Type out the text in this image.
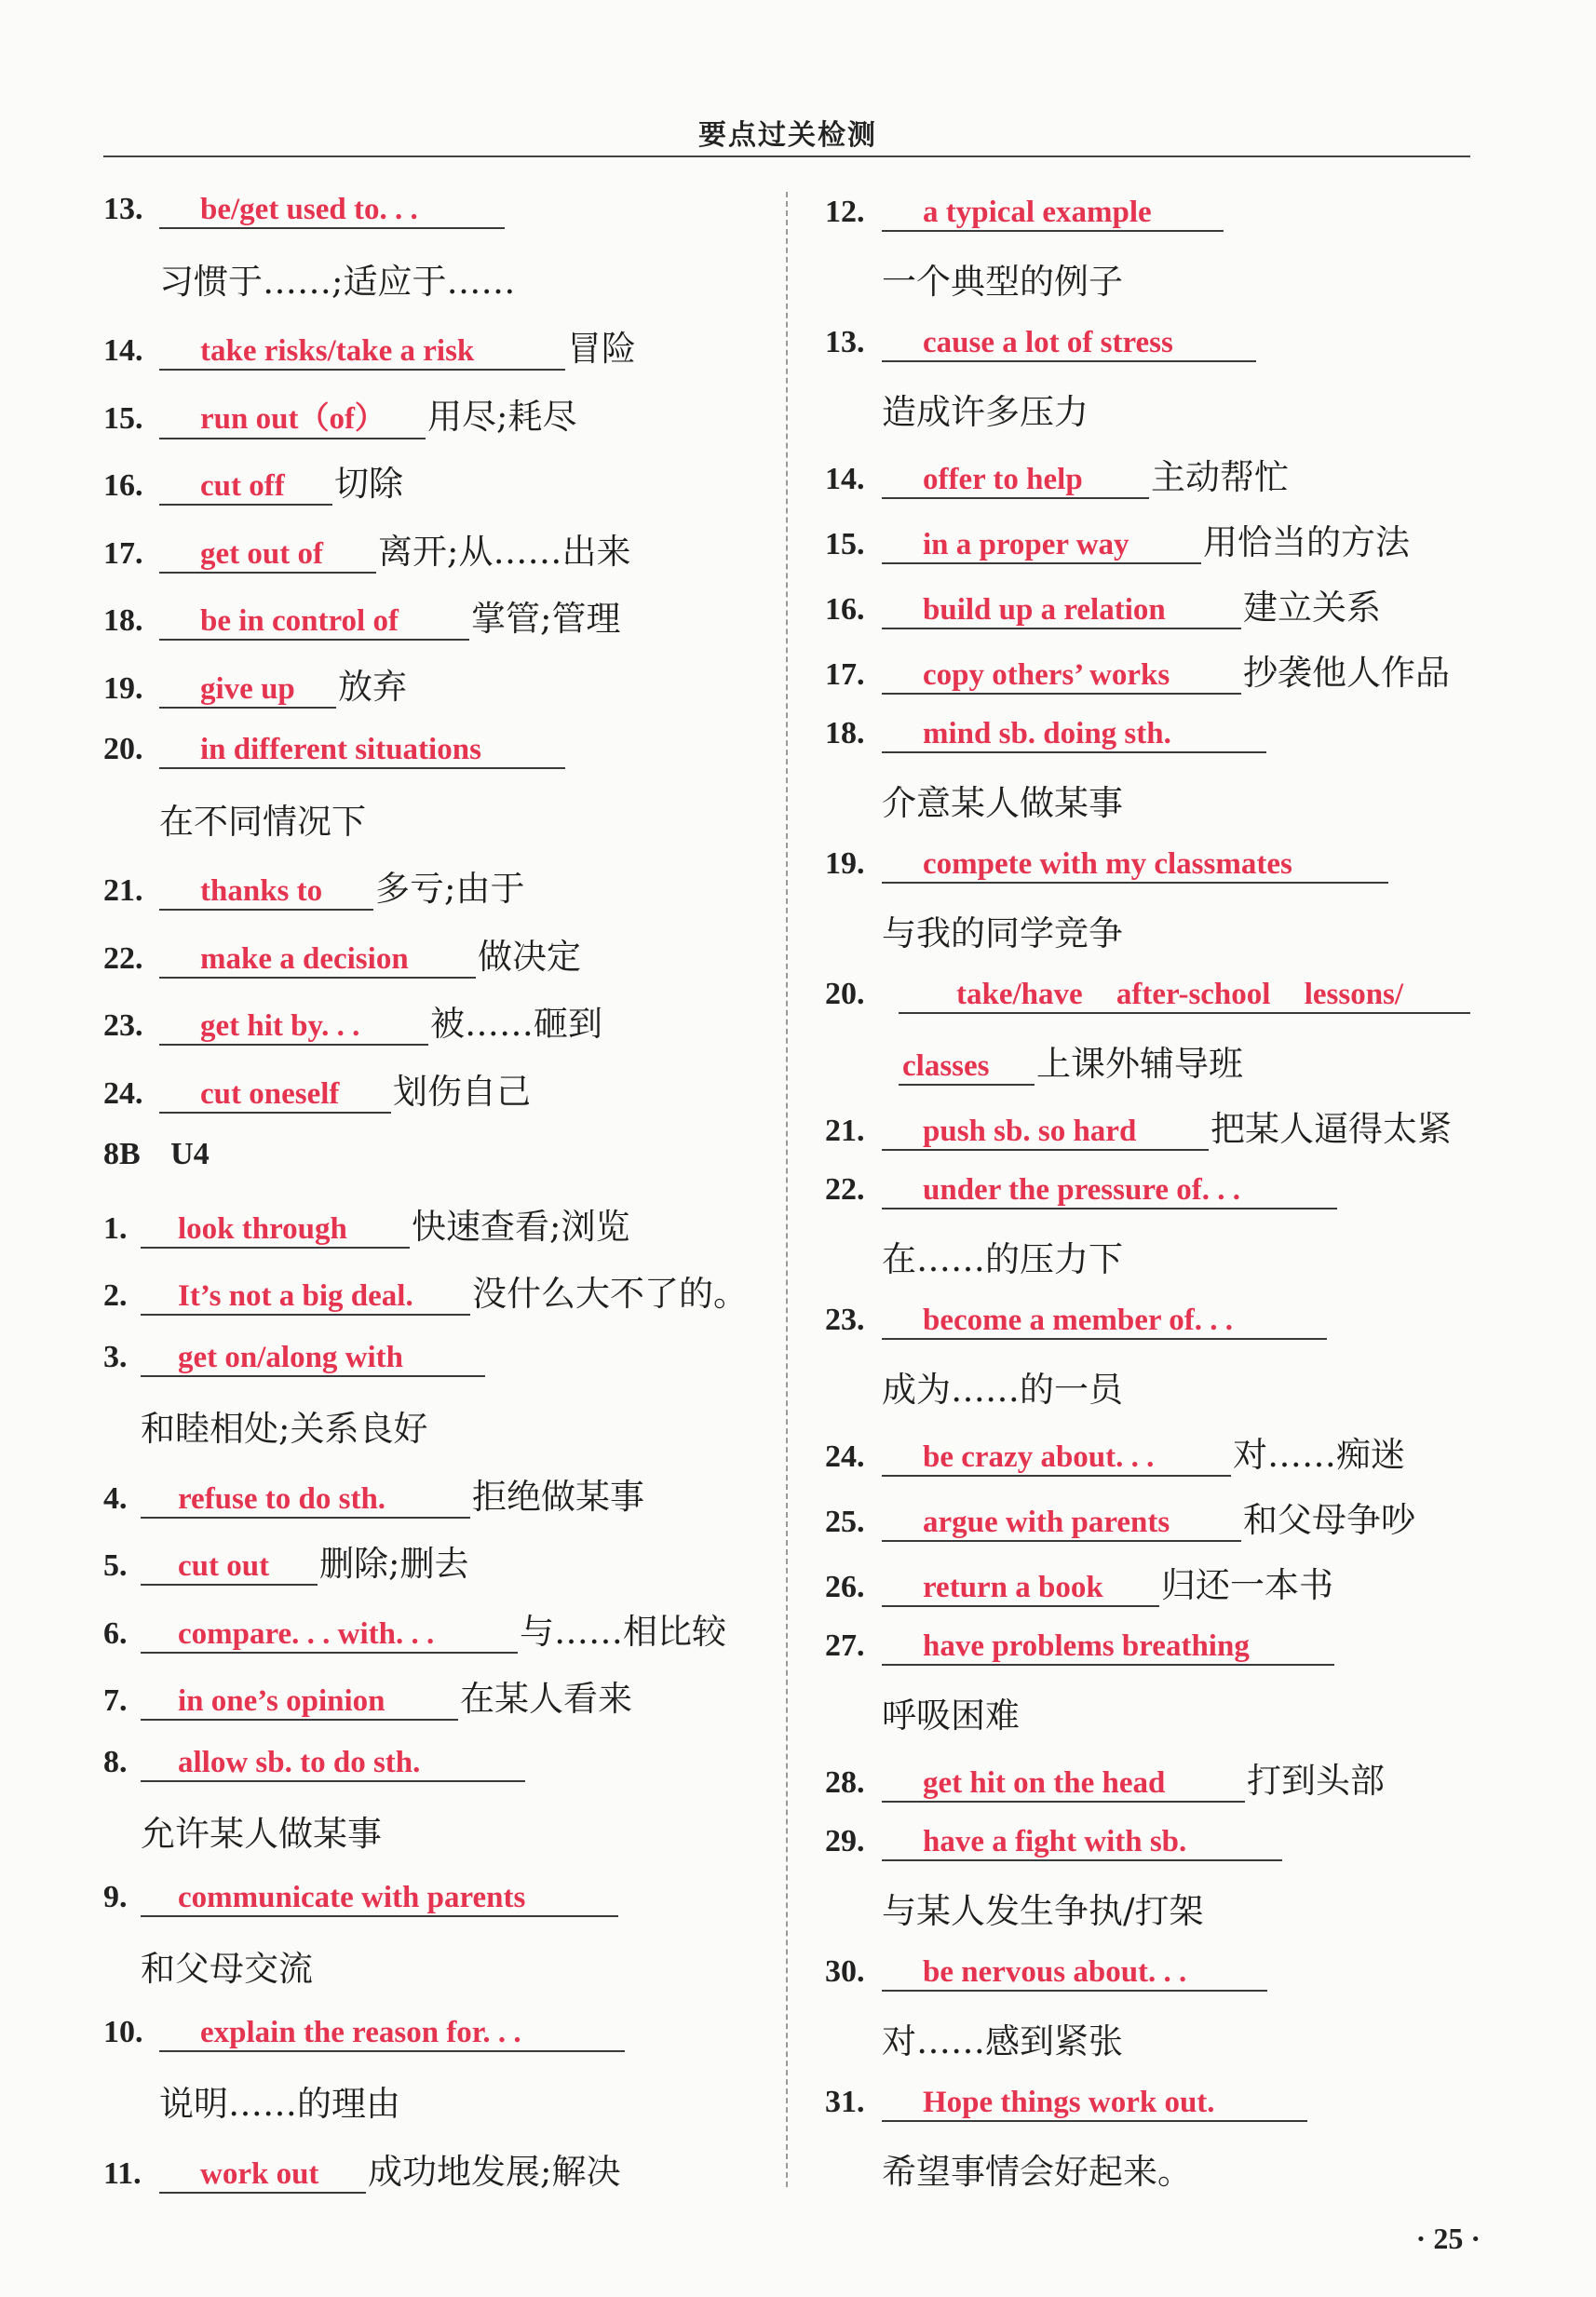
要点过关检测
13. be/get used to. . .
习惯于……;适应于……
14. take risks/take a risk	冒险
15. run out（of） 用尽;耗尽
16. cut off 切除
17. get out of 离开;从……出来
18. be in control of 掌管;管理
19. give up 放弃
20. in different situations
在不同情况下
21. thanks to 多亏;由于
22. make a decision 做决定
23. get hit by. . . 被……砸到
24. cut oneself 划伤自己
8B U4
1. look through 快速查看;浏览
2. It’s not a big deal. 没什么大不了的。
3. get on/along with
和睦相处;关系良好
4. refuse to do sth.	拒绝做某事
5. cut out 删除;删去
6. compare. . . with. . . 与……相比较
7. in one’s opinion 在某人看来
8. allow sb. to do sth.
允许某人做某事
9. communicate with parents
和父母交流
10. explain the reason for. . .
说明……的理由
11. work out 成功地发展;解决
12. a typical example
一个典型的例子
13. cause a lot of stress
造成许多压力
14. offer to help 主动帮忙
15. in a proper way 用恰当的方法
16. build up a relation 建立关系
17. copy others’ works 抄袭他人作品
18. mind sb. doing sth.
介意某人做某事
19. compete with my classmates
与我的同学竞争
20.	take/have after-school lessons/
classes 上课外辅导班
21. push sb. so hard 把某人逼得太紧
22. under the pressure of. . .
在……的压力下
23. become a member of. . .
成为……的一员
24. be crazy about. . . 对……痴迷
25. argue with parents 和父母争吵
26. return a book 归还一本书
27. have problems breathing
呼吸困难
28. get hit on the head 打到头部
29. have a fight with sb.
与某人发生争执/打架
30. be nervous about. . .
对……感到紧张
31. Hope things work out.
希望事情会好起来。
· 25 ·
